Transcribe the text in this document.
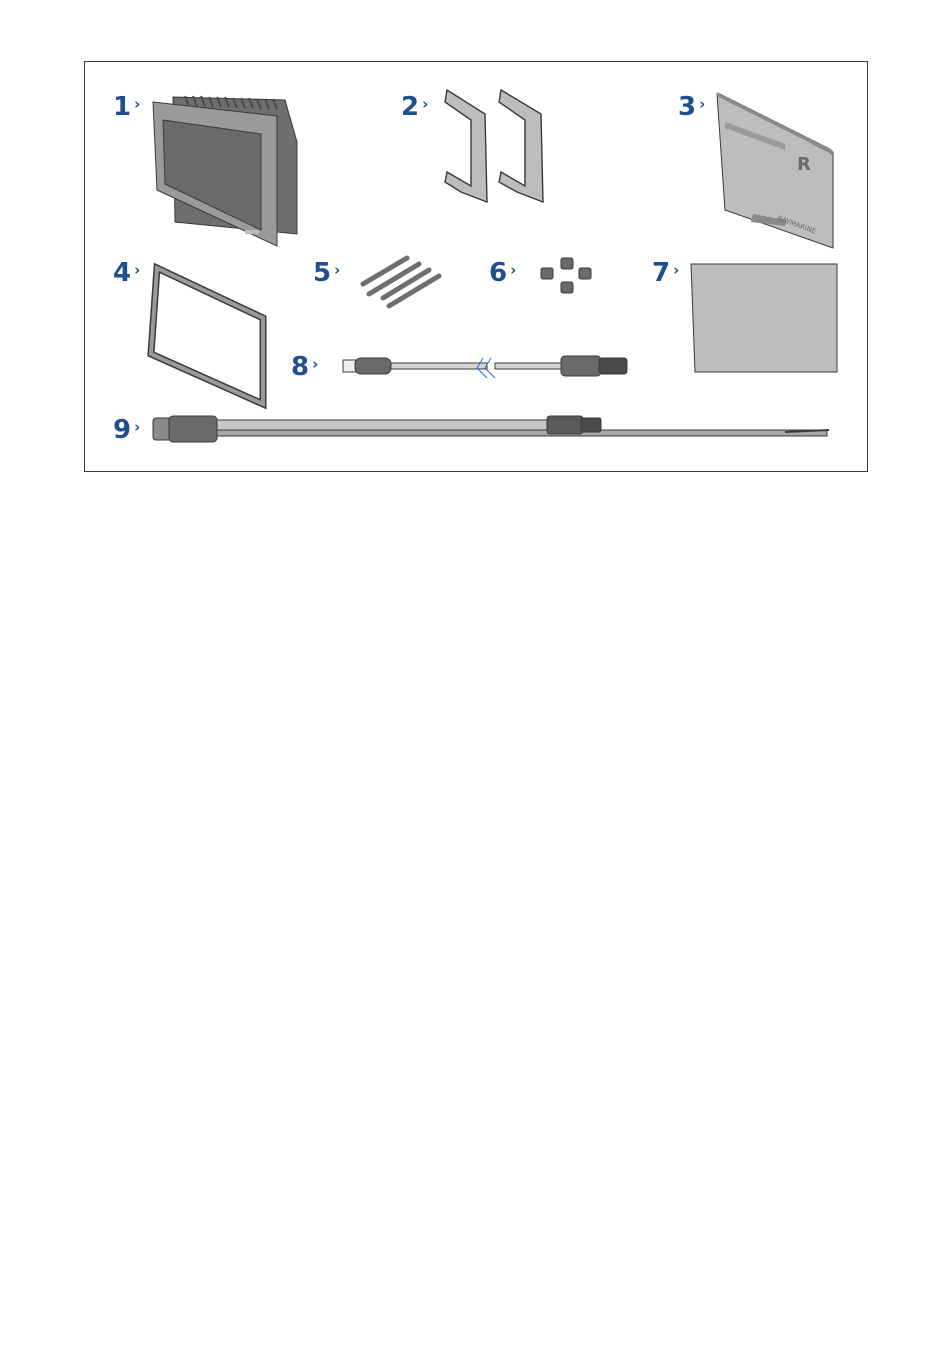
R
RAYMARINE
1 ›	2 ›	3 ›
4 ›	5 ›	6 ›	7 ›
8 ›
9 ›
